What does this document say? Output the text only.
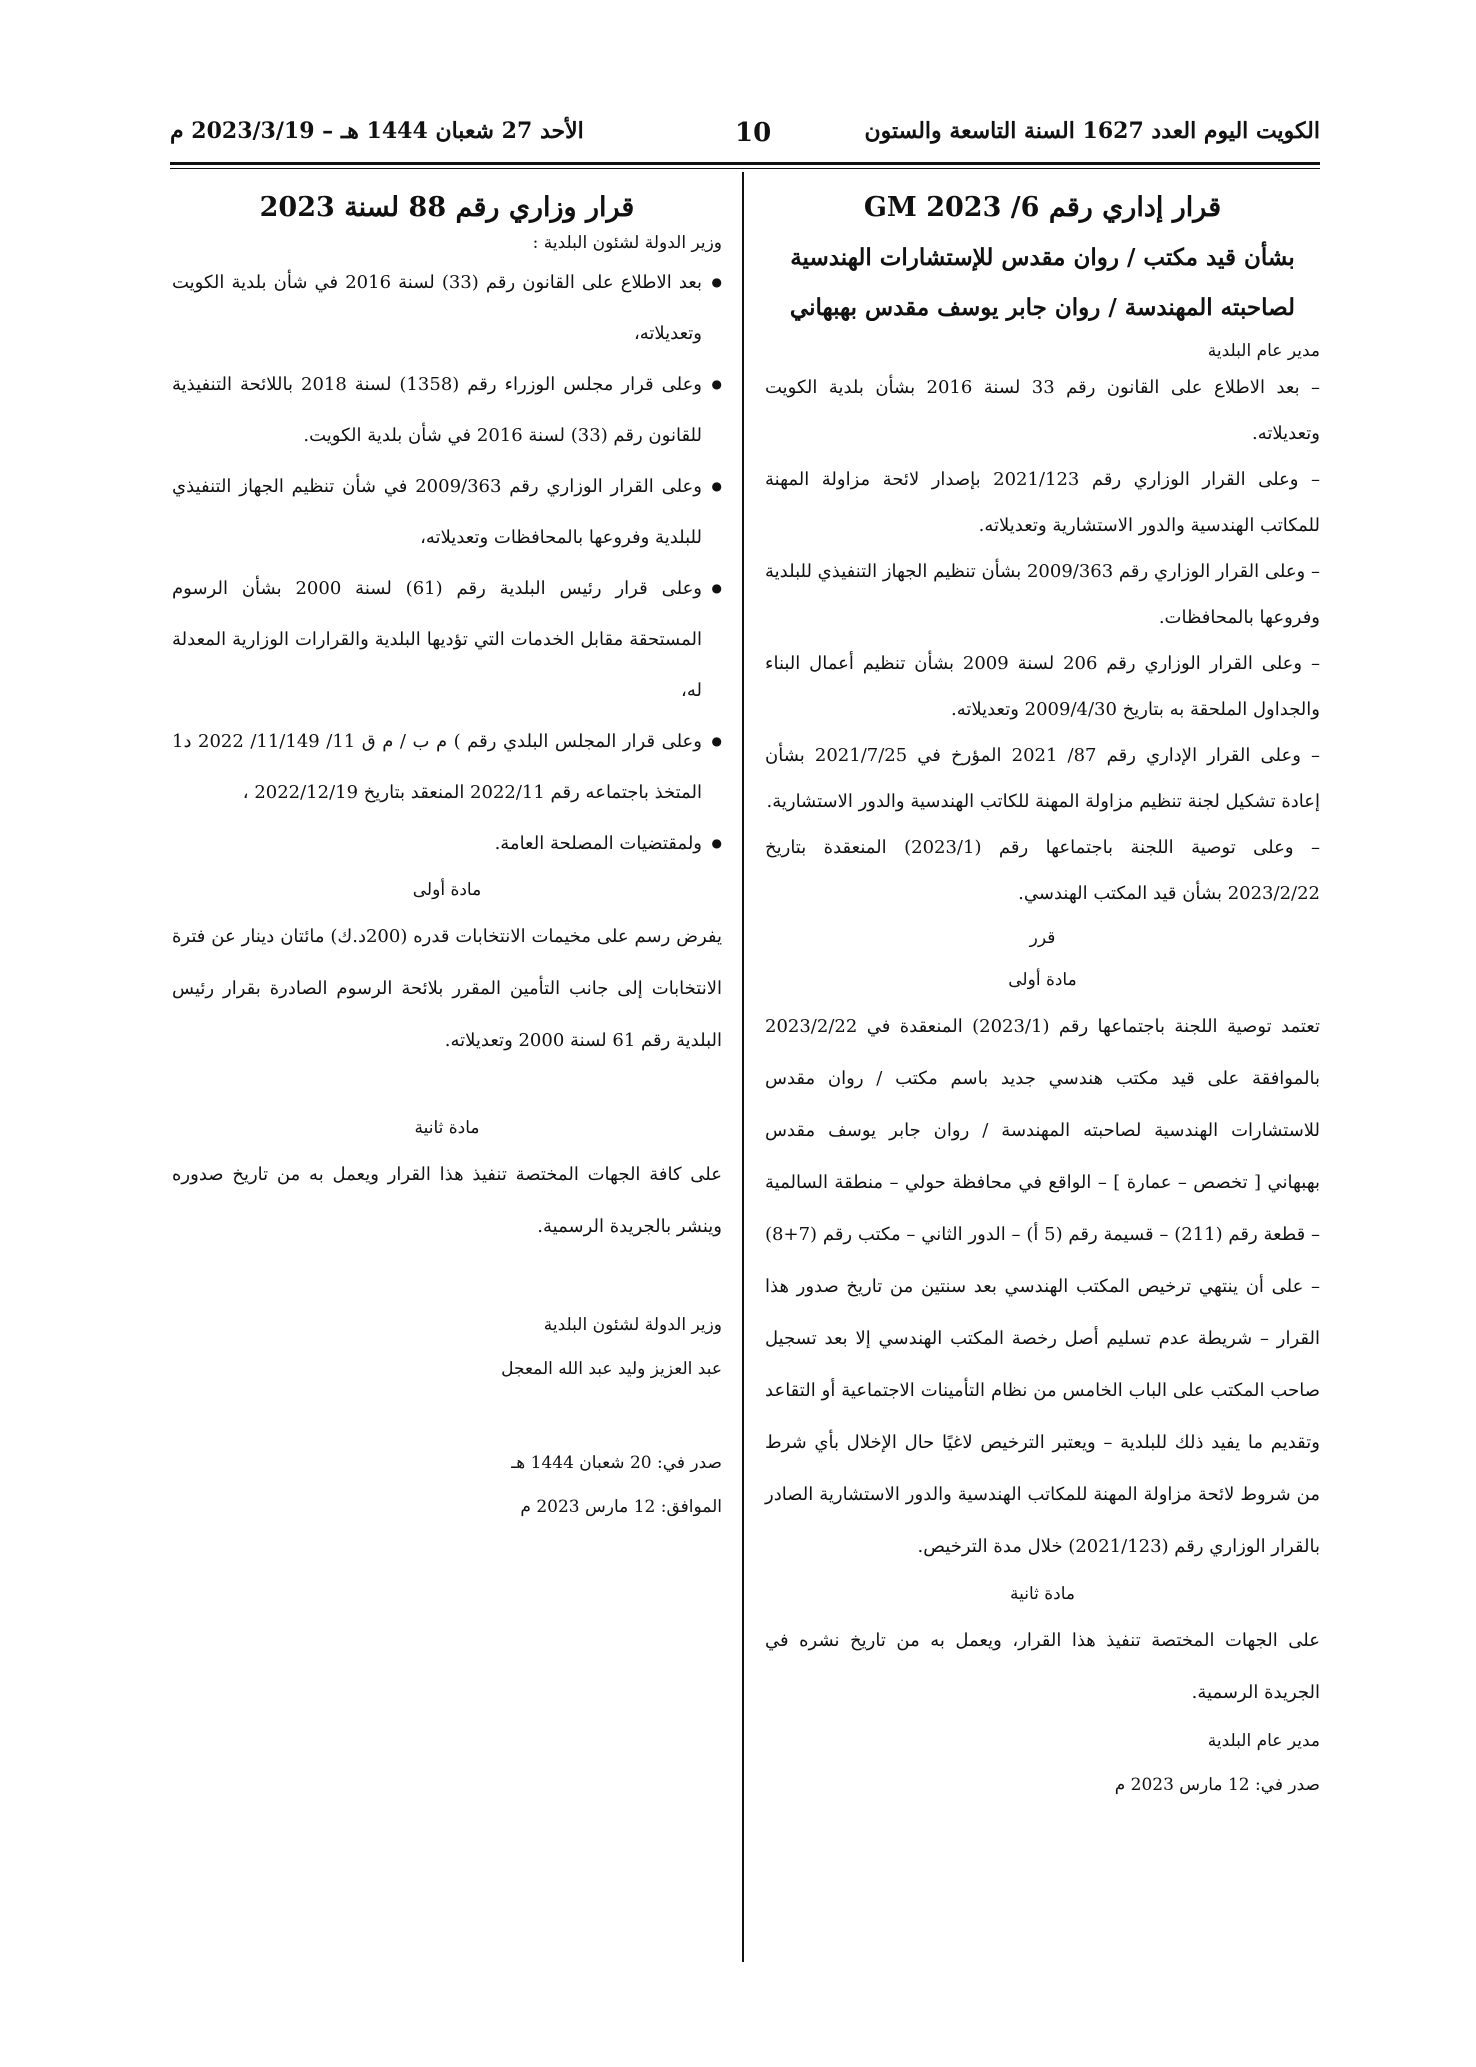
الكويت اليوم العدد 1627 السنة التاسعة والستون
10
الأحد 27 شعبان 1444 هـ – 2023/3/19 م
قرار إداري رقم 6/ 2023 GM
بشأن قيد مكتب / روان مقدس للإستشارات الهندسية
لصاحبته المهندسة / روان جابر يوسف مقدس بهبهاني
مدير عام البلدية

– بعد الاطلاع على القانون رقم 33 لسنة 2016 بشأن بلدية الكويت وتعديلاته.

– وعلى القرار الوزاري رقم 2021/123 بإصدار لائحة مزاولة المهنة للمكاتب الهندسية والدور الاستشارية وتعديلاته.

– وعلى القرار الوزاري رقم 2009/363 بشأن تنظيم الجهاز التنفيذي للبلدية وفروعها بالمحافظات.

– وعلى القرار الوزاري رقم 206 لسنة 2009 بشأن تنظيم أعمال البناء والجداول الملحقة به بتاريخ 2009/4/30 وتعديلاته.

– وعلى القرار الإداري رقم 87/ 2021 المؤرخ في 2021/7/25 بشأن إعادة تشكيل لجنة تنظيم مزاولة المهنة للكاتب الهندسية والدور الاستشارية.

– وعلى توصية اللجنة باجتماعها رقم (2023/1) المنعقدة بتاريخ 2023/2/22 بشأن قيد المكتب الهندسي.

قرر
مادة أولى

تعتمد توصية اللجنة باجتماعها رقم (2023/1) المنعقدة في 2023/2/22 بالموافقة على قيد مكتب هندسي جديد باسم مكتب / روان مقدس للاستشارات الهندسية لصاحبته المهندسة / روان جابر يوسف مقدس بهبهاني [ تخصص – عمارة ] – الواقع في محافظة حولي – منطقة السالمية – قطعة رقم (211) – قسيمة رقم (5 أ) – الدور الثاني – مكتب رقم (7+8) – على أن ينتهي ترخيص المكتب الهندسي بعد سنتين من تاريخ صدور هذا القرار – شريطة عدم تسليم أصل رخصة المكتب الهندسي إلا بعد تسجيل صاحب المكتب على الباب الخامس من نظام التأمينات الاجتماعية أو التقاعد وتقديم ما يفيد ذلك للبلدية – ويعتبر الترخيص لاغيًا حال الإخلال بأي شرط من شروط لائحة مزاولة المهنة للمكاتب الهندسية والدور الاستشارية الصادر بالقرار الوزاري رقم (2021/123) خلال مدة الترخيص.

مادة ثانية

على الجهات المختصة تنفيذ هذا القرار، ويعمل به من تاريخ نشره في الجريدة الرسمية.

مدير عام البلدية
صدر في: 12 مارس 2023 م
قرار وزاري رقم 88 لسنة 2023
وزير الدولة لشئون البلدية :
● بعد الاطلاع على القانون رقم (33) لسنة 2016 في شأن بلدية الكويت وتعديلاته،
● وعلى قرار مجلس الوزراء رقم (1358) لسنة 2018 باللائحة التنفيذية للقانون رقم (33) لسنة 2016 في شأن بلدية الكويت.
● وعلى القرار الوزاري رقم 2009/363 في شأن تنظيم الجهاز التنفيذي للبلدية وفروعها بالمحافظات وتعديلاته،
● وعلى قرار رئيس البلدية رقم (61) لسنة 2000 بشأن الرسوم المستحقة مقابل الخدمات التي تؤديها البلدية والقرارات الوزارية المعدلة له،
● وعلى قرار المجلس البلدي رقم ) م ب / م ق 11/ 11/149/ 2022 د1 المتخذ باجتماعه رقم 2022/11 المنعقد بتاريخ 2022/12/19 ،
● ولمقتضيات المصلحة العامة.
مادة أولى

يفرض رسم على مخيمات الانتخابات قدره (200د.ك) مائتان دينار عن فترة الانتخابات إلى جانب التأمين المقرر بلائحة الرسوم الصادرة بقرار رئيس البلدية رقم 61 لسنة 2000 وتعديلاته.

مادة ثانية

على كافة الجهات المختصة تنفيذ هذا القرار ويعمل به من تاريخ صدوره وينشر بالجريدة الرسمية.

وزير الدولة لشئون البلدية
عبد العزيز وليد عبد الله المعجل
صدر في: 20 شعبان 1444 هـ
الموافق: 12 مارس 2023 م
